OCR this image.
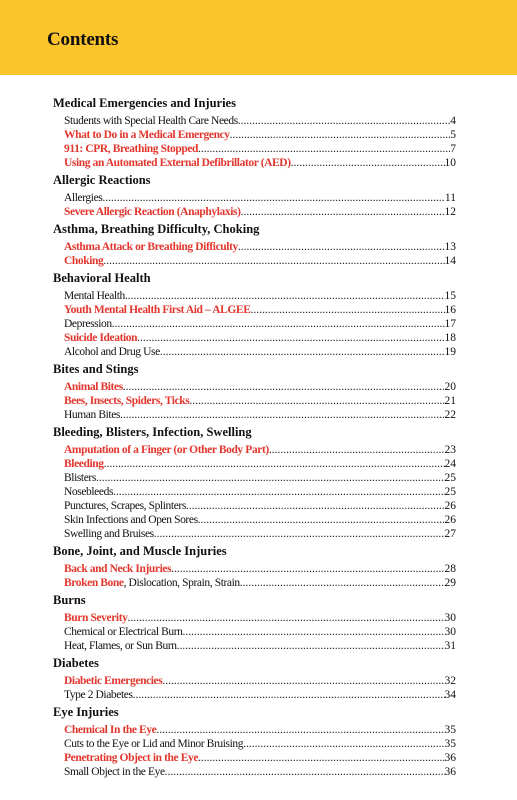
Contents
Medical Emergencies and Injuries
Students with Special Health Care Needs .....	4
What to Do in a Medical Emergency .....	5
911: CPR, Breathing Stopped .....	7
Using an Automated External Defibrillator (AED) .....	10
Allergic Reactions
Allergies .....	11
Severe Allergic Reaction (Anaphylaxis) .....	12
Asthma, Breathing Difficulty, Choking
Asthma Attack or Breathing Difficulty .....	13
Choking .....	14
Behavioral Health
Mental Health .....	15
Youth Mental Health First Aid – ALGEE .....	16
Depression .....	17
Suicide Ideation .....	18
Alcohol and Drug Use .....	19
Bites and Stings
Animal Bites .....	20
Bees, Insects, Spiders, Ticks .....	21
Human Bites .....	22
Bleeding, Blisters, Infection, Swelling
Amputation of a Finger (or Other Body Part) .....	23
Bleeding .....	24
Blisters .....	25
Nosebleeds .....	25
Punctures, Scrapes, Splinters .....	26
Skin Infections and Open Sores .....	26
Swelling and Bruises .....	27
Bone, Joint, and Muscle Injuries
Back and Neck Injuries .....	28
Broken Bone, Dislocation, Sprain, Strain .....	29
Burns
Burn Severity .....	30
Chemical or Electrical Burn .....	30
Heat, Flames, or Sun Burn .....	31
Diabetes
Diabetic Emergencies .....	32
Type 2 Diabetes .....	34
Eye Injuries
Chemical In the Eye .....	35
Cuts to the Eye or Lid and Minor Bruising .....	35
Penetrating Object in the Eye .....	36
Small Object in the Eye .....	36
